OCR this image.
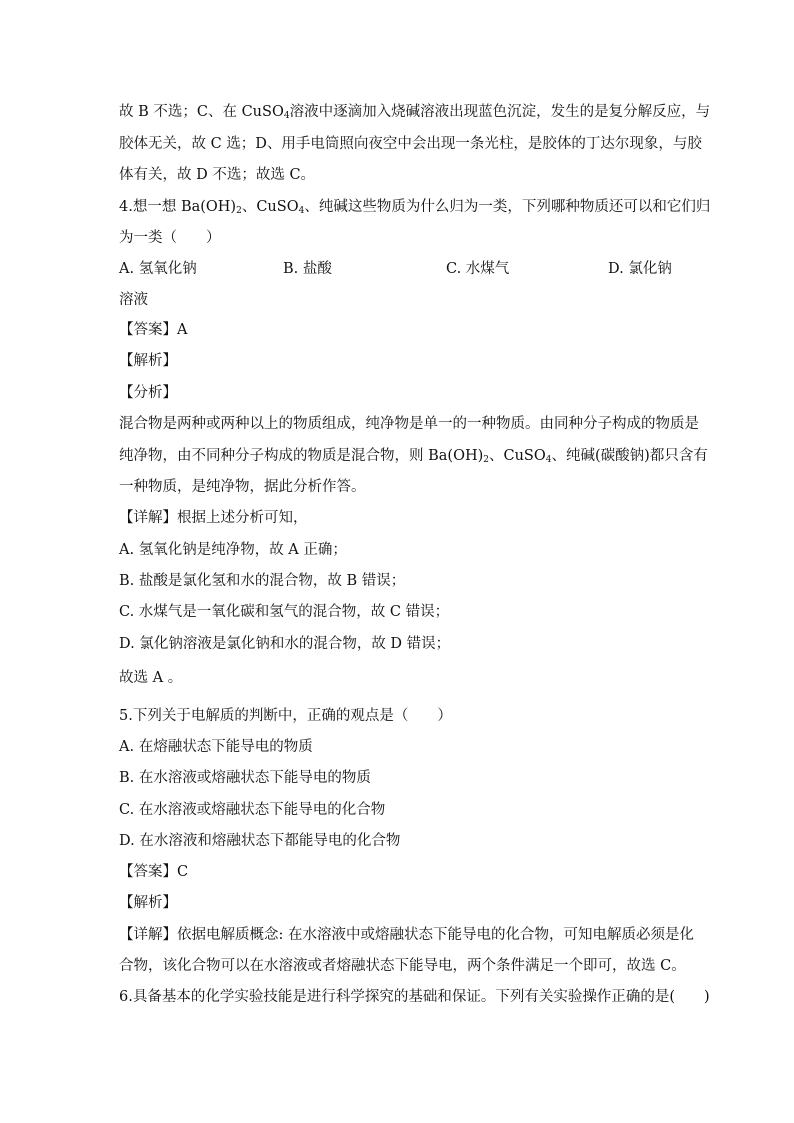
故 B 不选；C、在 CuSO$_4$溶液中逐滴加入烧碱溶液出现蓝色沉淀，发生的是复分解反应，与
胶体无关，故 C 选；D、用手电筒照向夜空中会出现一条光柱，是胶体的丁达尔现象，与胶
体有关，故 D 不选；故选 C。
4.想一想 $Ba(OH)_2$、CuSO$_4$、纯碱这些物质为什么归为一类，下列哪种物质还可以和它们归
为一类（　　）
A. 氢氧化钠	B. 盐酸	C. 水煤气	D. 氯化钠
溶液
【答案】A
【解析】
【分析】
混合物是两种或两种以上的物质组成，纯净物是单一的一种物质。由同种分子构成的物质是
纯净物，由不同种分子构成的物质是混合物，则 $Ba(OH)_2$、CuSO$_4$、纯碱(碳酸钠)都只含有
一种物质，是纯净物，据此分析作答。
【详解】根据上述分析可知，
A. 氢氧化钠是纯净物，故 A 正确；
B. 盐酸是氯化氢和水的混合物，故 B 错误；
C. 水煤气是一氧化碳和氢气的混合物，故 C 错误；
D. 氯化钠溶液是氯化钠和水的混合物，故 D 错误；
故选 A 。
5.下列关于电解质的判断中，正确的观点是（　　）
A. 在熔融状态下能导电的物质
B. 在水溶液或熔融状态下能导电的物质
C. 在水溶液或熔融状态下能导电的化合物
D. 在水溶液和熔融状态下都能导电的化合物
【答案】C
【解析】
【详解】依据电解质概念: 在水溶液中或熔融状态下能导电的化合物，可知电解质必须是化
合物，该化合物可以在水溶液或者熔融状态下能导电，两个条件满足一个即可，故选 C。
6.具备基本的化学实验技能是进行科学探究的基础和保证。下列有关实验操作正确的是(　　)
